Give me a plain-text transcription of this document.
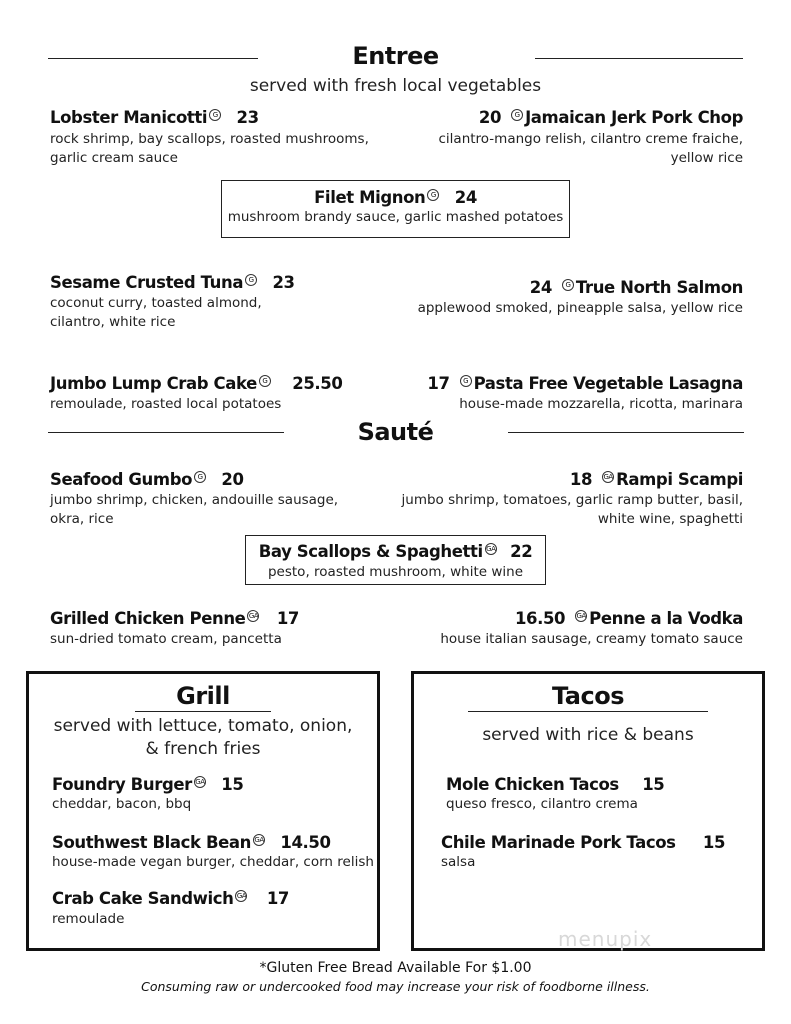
Entree
served with fresh local vegetables
Lobster Manicotti G 23
rock shrimp, bay scallops, roasted mushrooms,
garlic cream sauce
20 G Jamaican Jerk Pork Chop
cilantro-mango relish, cilantro creme fraiche,
yellow rice
Filet Mignon G 24
mushroom brandy sauce, garlic mashed potatoes
Sesame Crusted Tuna G 23
coconut curry, toasted almond,
cilantro, white rice
24 G True North Salmon
applewood smoked, pineapple salsa, yellow rice
Jumbo Lump Crab Cake G 25.50
remoulade, roasted local potatoes
17 G Pasta Free Vegetable Lasagna
house-made mozzarella, ricotta, marinara
Sauté
Seafood Gumbo G 20
jumbo shrimp, chicken, andouille sausage,
okra, rice
18 GA Rampi Scampi
jumbo shrimp, tomatoes, garlic ramp butter, basil,
white wine, spaghetti
Bay Scallops & Spaghetti GA 22
pesto, roasted mushroom, white wine
Grilled Chicken Penne GA 17
sun-dried tomato cream, pancetta
16.50 GA Penne a la Vodka
house italian sausage, creamy tomato sauce
Grill
served with lettuce, tomato, onion,
& french fries
Foundry Burger GA 15
cheddar, bacon, bbq
Southwest Black Bean GA 14.50
house-made vegan burger, cheddar, corn relish
Crab Cake Sandwich GA 17
remoulade
Tacos
served with rice & beans
Mole Chicken Tacos 15
queso fresco, cilantro crema
Chile Marinade Pork Tacos 15
salsa
menupix
*Gluten Free Bread Available For $1.00
Consuming raw or undercooked food may increase your risk of foodborne illness.
